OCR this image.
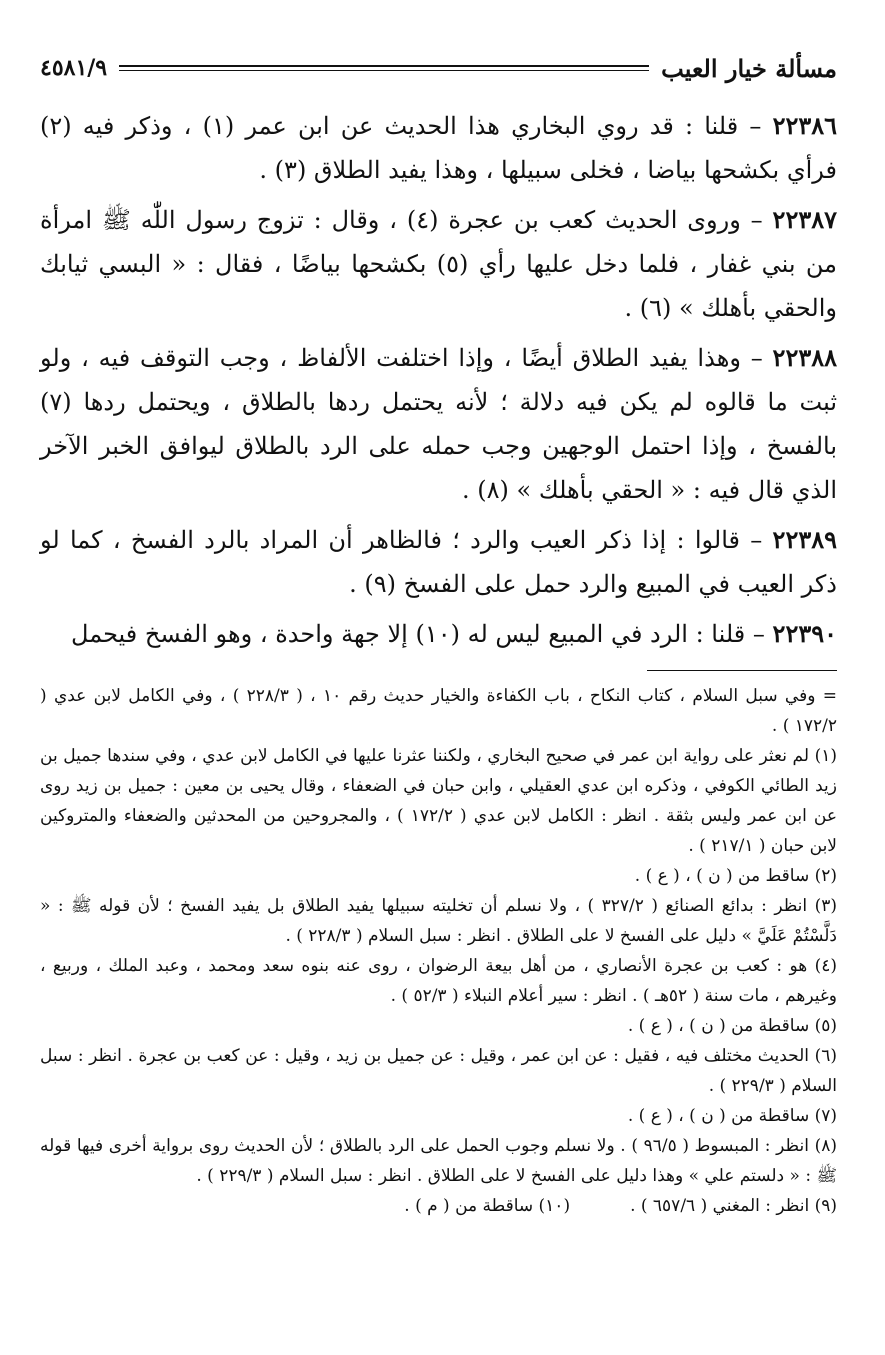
مسألة خيار العيب
٤٥٨١/٩

٢٢٣٨٦ – قلنا : قد روي البخاري هذا الحديث عن ابن عمر (١) ، وذكر فيه (٢) فرأي بكشحها بياضا ، فخلى سبيلها ، وهذا يفيد الطلاق (٣) .

٢٢٣٨٧ – وروى الحديث كعب بن عجرة (٤) ، وقال : تزوج رسول اللّٰه ﷺ امرأة من بني غفار ، فلما دخل عليها رأي (٥) بكشحها بياضًا ، فقال : « البسي ثيابك والحقي بأهلك » (٦) .

٢٢٣٨٨ – وهذا يفيد الطلاق أيضًا ، وإذا اختلفت الألفاظ ، وجب التوقف فيه ، ولو ثبت ما قالوه لم يكن فيه دلالة ؛ لأنه يحتمل ردها بالطلاق ، ويحتمل ردها (٧) بالفسخ ، وإذا احتمل الوجهين وجب حمله على الرد بالطلاق ليوافق الخبر الآخر الذي قال فيه : « الحقي بأهلك » (٨) .

٢٢٣٨٩ – قالوا : إذا ذكر العيب والرد ؛ فالظاهر أن المراد بالرد الفسخ ، كما لو ذكر العيب في المبيع والرد حمل على الفسخ (٩) .

٢٢٣٩٠ – قلنا : الرد في المبيع ليس له (١٠) إلا جهة واحدة ، وهو الفسخ فيحمل

= وفي سبل السلام ، كتاب النكاح ، باب الكفاءة والخيار حديث رقم ١٠ ، ( ٢٢٨/٣ ) ، وفي الكامل لابن عدي ( ١٧٢/٢ ) .

(١) لم نعثر على رواية ابن عمر في صحيح البخاري ، ولكننا عثرنا عليها في الكامل لابن عدي ، وفي سندها جميل بن زيد الطائي الكوفي ، وذكره ابن عدي العقيلي ، وابن حبان في الضعفاء ، وقال يحيى بن معين : جميل بن زيد روى عن ابن عمر وليس بثقة . انظر : الكامل لابن عدي ( ١٧٢/٢ ) ، والمجروحين من المحدثين والضعفاء والمتروكين لابن حبان ( ٢١٧/١ ) .

(٢) ساقط من ( ن ) ، ( ع ) .

(٣) انظر : بدائع الصنائع ( ٣٢٧/٢ ) ، ولا نسلم أن تخليته سبيلها يفيد الطلاق بل يفيد الفسخ ؛ لأن قوله ﷺ : « دَلَّسْتُمْ عَلَيَّ » دليل على الفسخ لا على الطلاق . انظر : سبل السلام ( ٢٢٨/٣ ) .

(٤) هو : كعب بن عجرة الأنصاري ، من أهل بيعة الرضوان ، روى عنه بنوه سعد ومحمد ، وعبد الملك ، وربيع ، وغيرهم ، مات سنة ( ٥٢هـ ) . انظر : سير أعلام النبلاء ( ٥٢/٣ ) .

(٥) ساقطة من ( ن ) ، ( ع ) .

(٦) الحديث مختلف فيه ، فقيل : عن ابن عمر ، وقيل : عن جميل بن زيد ، وقيل : عن كعب بن عجرة . انظر : سبل السلام ( ٢٢٩/٣ ) .

(٧) ساقطة من ( ن ) ، ( ع ) .

(٨) انظر : المبسوط ( ٩٦/٥ ) . ولا نسلم وجوب الحمل على الرد بالطلاق ؛ لأن الحديث روى برواية أخرى فيها قوله ﷺ : « دلستم علي » وهذا دليل على الفسخ لا على الطلاق . انظر : سبل السلام ( ٢٢٩/٣ ) .

(٩) انظر : المغني ( ٦٥٧/٦ ) .
(١٠) ساقطة من ( م ) .
